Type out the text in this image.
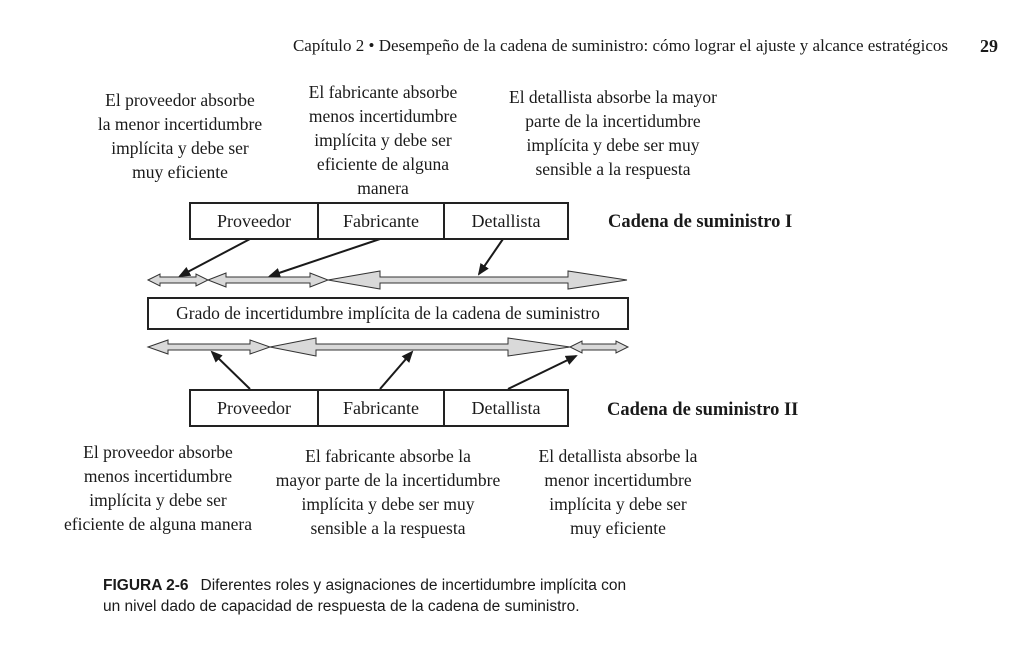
Capítulo 2 • Desempeño de la cadena de suministro: cómo lograr el ajuste y alcance estratégicos 29
El proveedor absorbe
la menor incertidumbre
implícita y debe ser
muy eficiente
El fabricante absorbe
menos incertidumbre
implícita y debe ser
eficiente de alguna
manera
El detallista absorbe la mayor
parte de la incertidumbre
implícita y debe ser muy
sensible a la respuesta
Proveedor	Fabricante	Detallista	Cadena de suministro I
Grado de incertidumbre implícita de la cadena de suministro
Proveedor	Fabricante	Detallista	Cadena de suministro II
El proveedor absorbe
menos incertidumbre
implícita y debe ser
eficiente de alguna manera
El fabricante absorbe la
mayor parte de la incertidumbre
implícita y debe ser muy
sensible a la respuesta
El detallista absorbe la
menor incertidumbre
implícita y debe ser
muy eficiente
FIGURA 2-6 Diferentes roles y asignaciones de incertidumbre implícita con
un nivel dado de capacidad de respuesta de la cadena de suministro.
